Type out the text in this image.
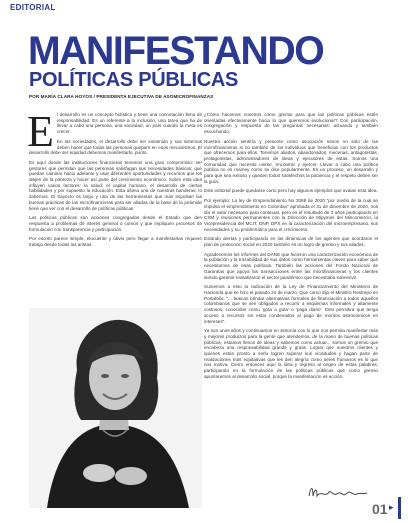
EDITORIAL
MANIFESTANDO
POLÍTICAS PÚBLICAS
POR MARÍA CLARA HOYOS / PRESIDENTA EJECUTIVA DE ASOMICROFINANZAS

El desarrollo es un concepto holístico y tiene una connotación llena de responsabilidad. Es un referente a la inclusión, una tarea que ha de llevar a cabo una persona, una sociedad, un país cuando la meta es crecer.

En las sociedades, el desarrollo debe ser sostenido y sus sistemas deben hacer que todas las personas queparn en esos mecanismos. El desarrollo debe ser equidad debemos manifestarlo, punto.

Es aquí donde las instituciones financieras tenemos una gran compromiso: ser gestores que permitan que las personas satisfagan sus necesidades básicas; que puedan caminar hacia adelante y usar diferentes oportunidades y recursos que los alejen de la pobreza y hacer así parte del crecimiento económico. Sobre esta idea influyen varios factores: la salud, el capital humano, el desarrollo de ciertas habilidades y por supuesto la educación. Esta última una de nuestras banderas: lo sabemos. El trayecto es largo y una de las herramientas que más impulsan las buenas prácticas de las microfinancieras para ser aliadas de la base de la pirámide tiene que ver con el desarrollo de políticas públicas.

Las políticas públicas son acciones congregadas desde el Estado que den respuesta a problemas de interés general o común y que impliquen procesos de formulación con transparencia y participación.

Por escrito parece simple, elocuente y obvio pero llegar a manifestarlas requiere trabajo desde todas las aristas.

¿Cómo hacemos nosotros como gremio para que las políticas públicas estén orientadas efectivamente hacia lo que queremos evolucionar? Con participación, congregación y respuesta de las preguntas necesarias: actuando y también escuchando.

Nuestra acción sentiría y presente como asociación nexos no solo de las microfinancieras si no también de los individuos que benefician con los productos que ofrecemos para ellos. Tenemos aliados, abandonados, mecenas, antagonistas, protagonistas, administradores de ideas y ejecutores de éstas. Somos una comunidad que necesita unirse, encontrar y ejercer. Llevar a cabo una política pública no es mamey como se dice popularmente. Es un proceso, un desarrollo y para que sea exitoso y queden todos satisfechos la paciencia y el respeto deben ser la guía.

Este editorial puede quedarse corto pero hay algunos ejemplos que avalan esta idea.

Por ejemplo: La ley de Emprendimiento No 2069 de 2020 "por medio de la cual se impulsa el emprendimiento en Colombia" aprobada el 31 de diciembre de 2020, nos dio el valor necesario para continuar, pero es el resultado de 3 años participando en CSM y reuniones permanentes con la Dirección de Mipymes del Mincomercio, la Vicepresidencia del MCIT, DNP, DPS en la caracterización del microempresario, sus necesidades y su problemática para el crecimiento.

Estando alertas y participando en las dinámicas de los agentes que acordaron el plan de protección social en 2020 también es un logro de gremio y sus aliados.

Agradecemos los informes del DANE que hicieron una caracterización económica de la población y la trazabilidad de sus datos como herramientas claves para saber qué necesitamos de esas políticas. También las acciones del Fondo Nacional de Garantías que apoya las transacciones entre las microfinancieras y los clientes siendo garante revitalizaron el sector pandémico que necesitaba sobrevivir.

Sumemos a esto la radicación de la Ley de Financiamiento del Ministerio de Hacienda que se hizo el pasado 24 de marzo. Que como dijo el Ministro Restrepo en Portafolio: "... buscan brindar alternativas formales de financiación a todos aquellos colombianos que se ven obligados a recurrir a esquemas informales y altamente costosos, conocidos como 'gota a gota' o 'paga diario'. Esto permitirá que tenga acceso a recursos sin estar condenados al pago de montos astronómicos en intereses".

Ya son unos años y continuamos en sintonía con lo que nos permita manifestar más y mejores productos para la gente que atendemos, de la mano de buenas políticas públicas, estamos llenos de ideas y sabemos como actuar... somos un gremio que encabeza una responsabilidad grande y gratis. Lograr que nuestros clientes y quienes están pronto a serlo logren superar sus vicisitudes y hagan parte de realizaciones más equitativas que les den alegría como seres humanos es lo que nos motiva. Cierro entonces aquí la idea y regreso al origen de estas palabras: participando en la formulación de las políticas públicas que como gremio apuntaremos al desarrollo social, porque la manifestación es acción.

01 ▸
